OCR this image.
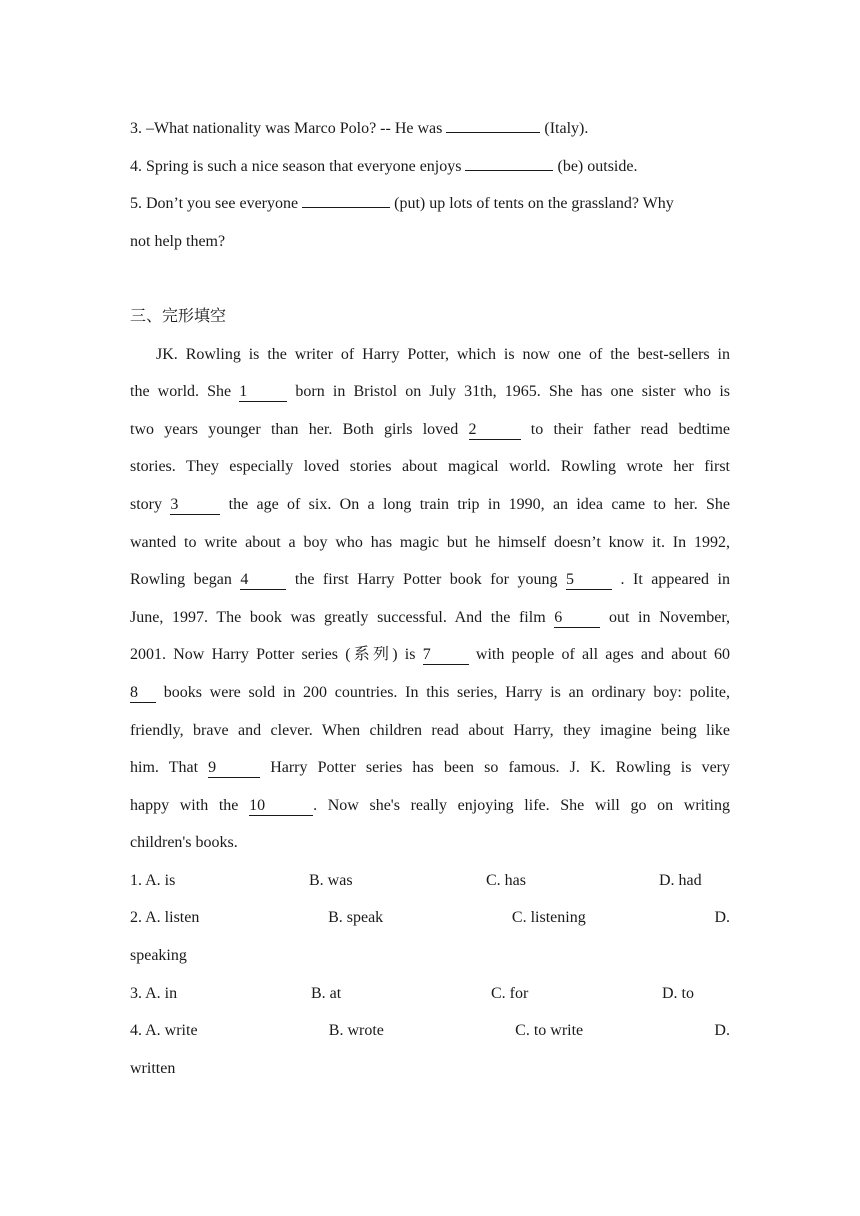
3. –What nationality was Marco Polo? -- He was	(Italy).
4. Spring is such a nice season that everyone enjoys	(be) outside.
5. Don’t you see everyone	(put) up lots of tents on the grassland? Why
not help them?
三、完形填空
JK. Rowling is the writer of Harry Potter, which is now one of the best-sellers in
the world. She 1	born in Bristol on July 31th, 1965. She has one sister who is
two years younger than her. Both girls loved 2	to their father read bedtime
stories. They especially loved stories about magical world. Rowling wrote her first
story 3	the age of six. On a long train trip in 1990, an idea came to her. She
wanted to write about a boy who has magic but he himself doesn’t know it. In 1992,
Rowling began 4 the first Harry Potter book for young 5 . It appeared in
June, 1997. The book was greatly successful. And the film 6 out in November,
2001. Now Harry Potter series (系列) is 7 with people of all ages and about 60
8 books were sold in 200 countries. In this series, Harry is an ordinary boy: polite,
friendly, brave and clever. When children read about Harry, they imagine being like
him. That 9	Harry Potter series has been so famous. J. K. Rowling is very
happy with the 10	. Now she's really enjoying life. She will go on writing
children's books.
1. A. is	B. was	C. has	D. had
2. A. listen	B. speak	C. listening	D.
speaking
3. A. in	B. at	C. for	D. to
4. A. write	B. wrote	C. to write	D.
written
